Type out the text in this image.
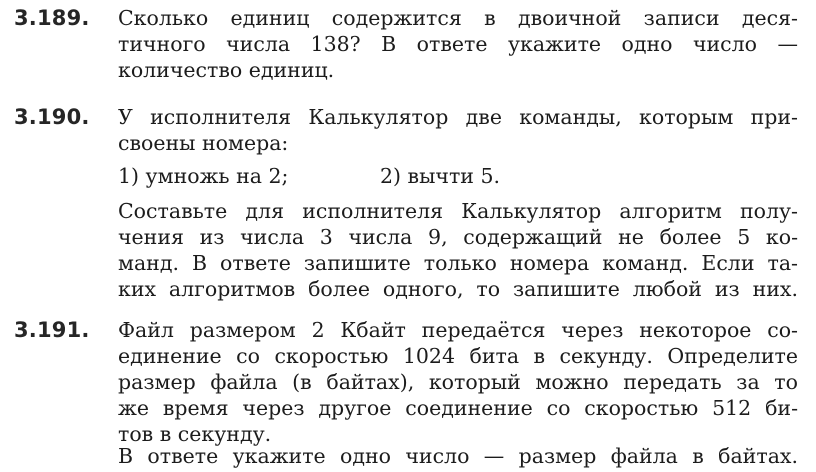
3.189. Сколько единиц содержится в двоичной записи деся-
тичного числа 138? В ответе укажите одно число —
количество единиц.
3.190. У исполнителя Калькулятор две команды, которым при-
своены номера:
1) умножь на 2;	2) вычти 5.
Составьте для исполнителя Калькулятор алгоритм полу-
чения из числа 3 числа 9, содержащий не более 5 ко-
манд. В ответе запишите только номера команд. Если та-
ких алгоритмов более одного, то запишите любой из них.
3.191. Файл размером 2 Кбайт передаётся через некоторое со-
единение со скоростью 1024 бита в секунду. Определите
размер файла (в байтах), который можно передать за то
же время через другое соединение со скоростью 512 би-
тов в секунду.
В ответе укажите одно число — размер файла в байтах.
